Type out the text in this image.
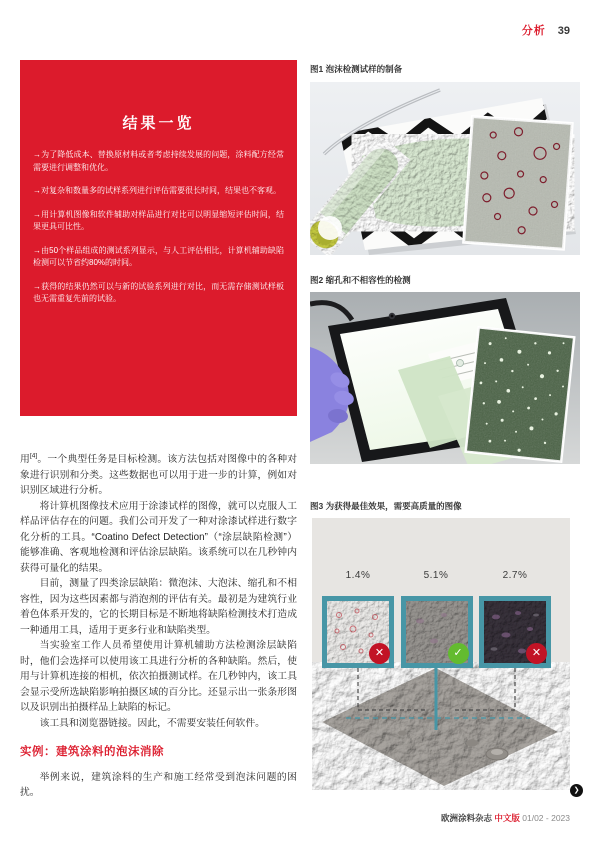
分析 39
结果一览

→为了降低成本、替换原材料或者考虑持续发展的问题，涂料配方经常需要进行调整和优化。

→对复杂和数量多的试样系列进行评估需要很长时间，结果也不客观。

→用计算机图像和软件辅助对样品进行对比可以明显缩短评估时间，结果更具可比性。

→由50个样品组成的测试系列显示，与人工评估相比，计算机辅助缺陷检测可以节省约80%的时间。

→获得的结果仍然可以与新的试验系列进行对比，而无需存储测试样板也无需重复先前的试验。

用[4]。一个典型任务是目标检测。该方法包括对图像中的各种对象进行识别和分类。这些数据也可以用于进一步的计算，例如对识别区域进行分析。

将计算机图像技术应用于涂漆试样的图像，就可以克服人工样品评估存在的问题。我们公司开发了一种对涂漆试样进行数字化分析的工具。“Coatino Defect Detection”（“涂层缺陷检测”）能够准确、客观地检测和评估涂层缺陷。该系统可以在几秒钟内获得可量化的结果。

目前，测量了四类涂层缺陷：微泡沫、大泡沫、缩孔和不相容性，因为这些因素都与消泡剂的评估有关。最初是为建筑行业着色体系开发的，它的长期目标是不断地将缺陷检测技术打造成一种通用工具，适用于更多行业和缺陷类型。

当实验室工作人员希望使用计算机辅助方法检测涂层缺陷时，他们会选择可以使用该工具进行分析的各种缺陷。然后，使用与计算机连接的相机，依次拍摄测试样。在几秒钟内，该工具会显示受所选缺陷影响拍摄区域的百分比。还显示出一张条形图以及识别出拍摄样品上缺陷的标记。

该工具和浏览器链接。因此，不需要安装任何软件。

实例：建筑涂料的泡沫消除

举例来说，建筑涂料的生产和施工经常受到泡沫问题的困扰。

图1 泡沫检测试样的制备
图2 缩孔和不相容性的检测
图3 为获得最佳效果，需要高质量的图像
1.4%	5.1%	2.7%
✕	✓	✕
❯
欧洲涂料杂志 中文版 01/02 - 2023
